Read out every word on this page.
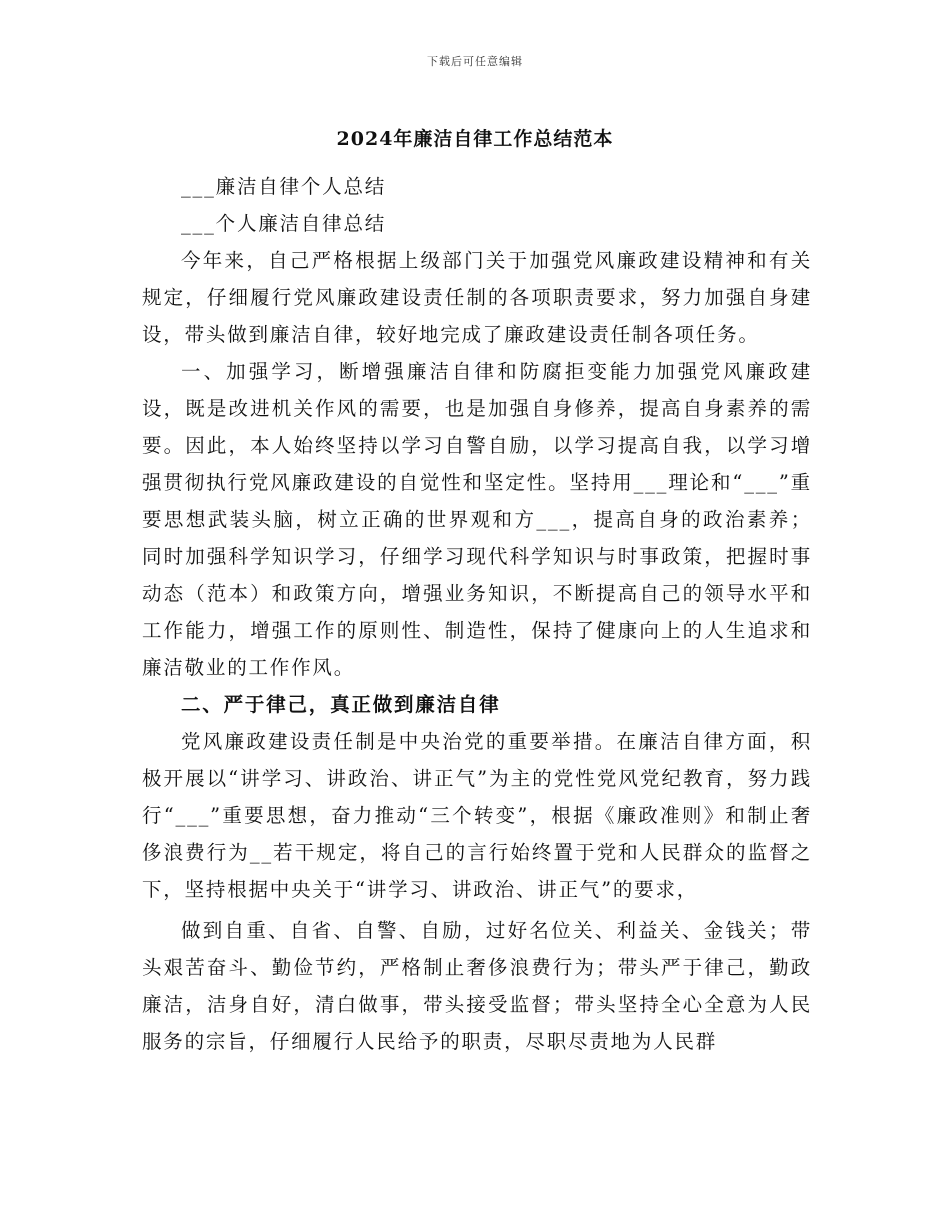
下载后可任意编辑
2024年廉洁自律工作总结范本

___廉洁自律个人总结

___个人廉洁自律总结

今年来，自己严格根据上级部门关于加强党风廉政建设精神和有关规定，仔细履行党风廉政建设责任制的各项职责要求，努力加强自身建设，带头做到廉洁自律，较好地完成了廉政建设责任制各项任务。

一、加强学习，断增强廉洁自律和防腐拒变能力加强党风廉政建设，既是改进机关作风的需要，也是加强自身修养，提高自身素养的需要。因此，本人始终坚持以学习自警自励，以学习提高自我，以学习增强贯彻执行党风廉政建设的自觉性和坚定性。坚持用___理论和“___”重要思想武装头脑，树立正确的世界观和方___，提高自身的政治素养；同时加强科学知识学习，仔细学习现代科学知识与时事政策，把握时事动态（范本）和政策方向，增强业务知识，不断提高自己的领导水平和工作能力，增强工作的原则性、制造性，保持了健康向上的人生追求和廉洁敬业的工作作风。

二、严于律己，真正做到廉洁自律

党风廉政建设责任制是中央治党的重要举措。在廉洁自律方面，积极开展以“讲学习、讲政治、讲正气”为主的党性党风党纪教育，努力践行“___”重要思想，奋力推动“三个转变”，根据《廉政准则》和制止奢侈浪费行为__若干规定，将自己的言行始终置于党和人民群众的监督之下，坚持根据中央关于“讲学习、讲政治、讲正气”的要求，

做到自重、自省、自警、自励，过好名位关、利益关、金钱关；带头艰苦奋斗、勤俭节约，严格制止奢侈浪费行为；带头严于律己，勤政廉洁，洁身自好，清白做事，带头接受监督；带头坚持全心全意为人民服务的宗旨，仔细履行人民给予的职责，尽职尽责地为人民群
